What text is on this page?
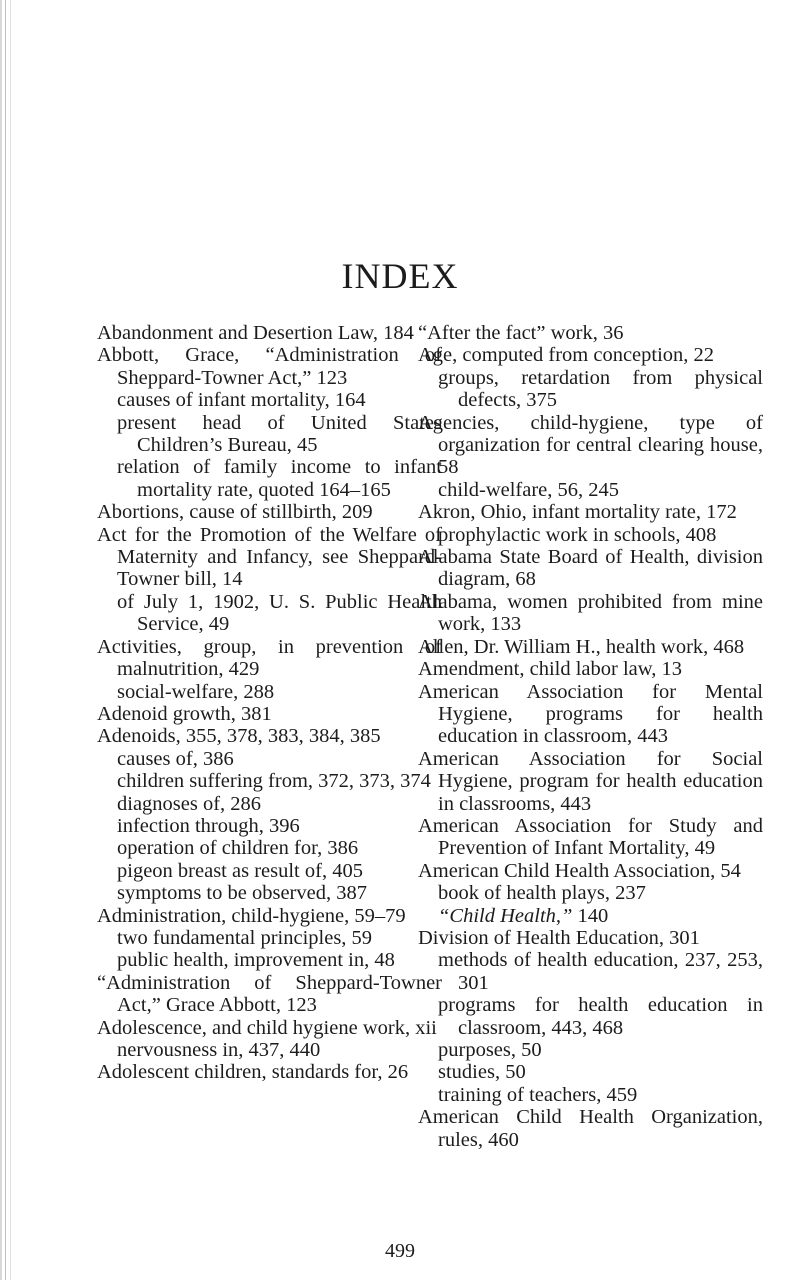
INDEX

Abandonment and Desertion Law, 184

Abbott, Grace, “Administration of Sheppard-Towner Act,” 123

causes of infant mortality, 164

present head of United States Children’s Bureau, 45

relation of family income to infant mortality rate, quoted 164–165

Abortions, cause of stillbirth, 209

Act for the Promotion of the Welfare of Maternity and Infancy, see Sheppard-Towner bill, 14

of July 1, 1902, U. S. Public Health Service, 49

Activities, group, in prevention of malnutrition, 429

social-welfare, 288

Adenoid growth, 381

Adenoids, 355, 378, 383, 384, 385

causes of, 386

children suffering from, 372, 373, 374

diagnoses of, 286

infection through, 396

operation of children for, 386

pigeon breast as result of, 405

symptoms to be observed, 387

Administration, child-hygiene, 59–79

two fundamental principles, 59

public health, improvement in, 48

“Administration of Sheppard-Towner Act,” Grace Abbott, 123

Adolescence, and child hygiene work, xii

nervousness in, 437, 440

Adolescent children, standards for, 26

“After the fact” work, 36

Age, computed from conception, 22

groups, retardation from physical defects, 375

Agencies, child-hygiene, type of organization for central clearing house, 58

child-welfare, 56, 245

Akron, Ohio, infant mortality rate, 172

prophylactic work in schools, 408

Alabama State Board of Health, division diagram, 68

Alabama, women prohibited from mine work, 133

Allen, Dr. William H., health work, 468

Amendment, child labor law, 13

American Association for Mental Hygiene, programs for health education in classroom, 443

American Association for Social Hygiene, program for health education in classrooms, 443

American Association for Study and Prevention of Infant Mortality, 49

American Child Health Association, 54

book of health plays, 237

“Child Health,” 140

Division of Health Education, 301

methods of health education, 237, 253, 301

programs for health education in classroom, 443, 468

purposes, 50

studies, 50

training of teachers, 459

American Child Health Organization, rules, 460

499
